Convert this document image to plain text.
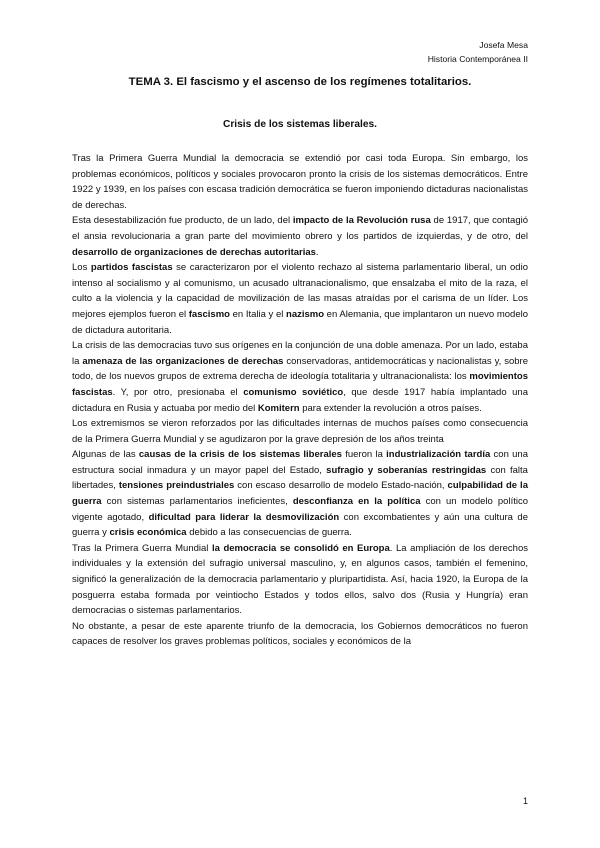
Josefa Mesa
Historia Contemporánea II
TEMA 3. El fascismo y el ascenso de los regímenes totalitarios.
Crisis de los sistemas liberales.

Tras la Primera Guerra Mundial la democracia se extendió por casi toda Europa. Sin embargo, los problemas económicos, políticos y sociales provocaron pronto la crisis de los sistemas democráticos. Entre 1922 y 1939, en los países con escasa tradición democrática se fueron imponiendo dictaduras nacionalistas de derechas.

Esta desestabilización fue producto, de un lado, del impacto de la Revolución rusa de 1917, que contagió el ansia revolucionaria a gran parte del movimiento obrero y los partidos de izquierdas, y de otro, del desarrollo de organizaciones de derechas autoritarias.

Los partidos fascistas se caracterizaron por el violento rechazo al sistema parlamentario liberal, un odio intenso al socialismo y al comunismo, un acusado ultranacionalismo, que ensalzaba el mito de la raza, el culto a la violencia y la capacidad de movilización de las masas atraídas por el carisma de un líder. Los mejores ejemplos fueron el fascismo en Italia y el nazismo en Alemania, que implantaron un nuevo modelo de dictadura autoritaria.

La crisis de las democracias tuvo sus orígenes en la conjunción de una doble amenaza. Por un lado, estaba la amenaza de las organizaciones de derechas conservadoras, antidemocráticas y nacionalistas y, sobre todo, de los nuevos grupos de extrema derecha de ideología totalitaria y ultranacionalista: los movimientos fascistas. Y, por otro, presionaba el comunismo soviético, que desde 1917 había implantado una dictadura en Rusia y actuaba por medio del Komitern para extender la revolución a otros países.

Los extremismos se vieron reforzados por las dificultades internas de muchos países como consecuencia de la Primera Guerra Mundial y se agudizaron por la grave depresión de los años treinta

Algunas de las causas de la crisis de los sistemas liberales fueron la industrialización tardía con una estructura social inmadura y un mayor papel del Estado, sufragio y soberanías restringidas con falta libertades, tensiones preindustriales con escaso desarrollo de modelo Estado-nación, culpabilidad de la guerra con sistemas parlamentarios ineficientes, desconfianza en la política con un modelo político vigente agotado, dificultad para liderar la desmovilización con excombatientes y aún una cultura de guerra y crisis económica debido a las consecuencias de guerra.

Tras la Primera Guerra Mundial la democracia se consolidó en Europa. La ampliación de los derechos individuales y la extensión del sufragio universal masculino, y, en algunos casos, también el femenino, significó la generalización de la democracia parlamentario y pluripartidista. Así, hacia 1920, la Europa de la posguerra estaba formada por veintiocho Estados y todos ellos, salvo dos (Rusia y Hungría) eran democracias o sistemas parlamentarios.

No obstante, a pesar de este aparente triunfo de la democracia, los Gobiernos democráticos no fueron capaces de resolver los graves problemas políticos, sociales y económicos de la

1
